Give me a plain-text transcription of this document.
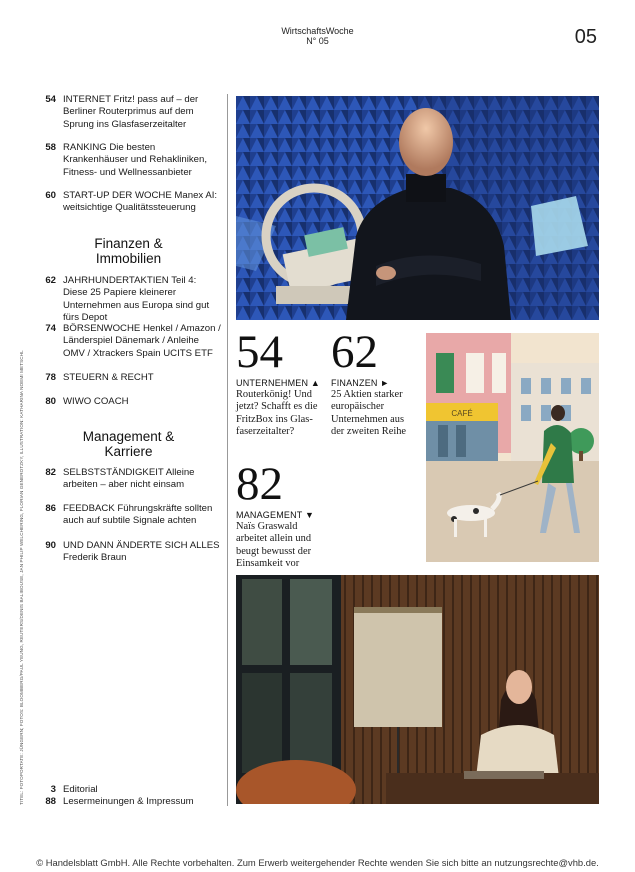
WirtschaftsWoche
N° 05	05
54 INTERNET Fritz! pass auf – der Berliner Routerprimus auf dem Sprung ins Glasfaserzeitalter
58 RANKING Die besten Krankenhäuser und Rehakliniken, Fitness- und Wellnessanbieter
60 START-UP DER WOCHE Manex AI: weitsichtige Qualitätssteuerung
Finanzen & Immobilien
62 JAHRHUNDERTAKTIEN Teil 4: Diese 25 Papiere kleinerer Unternehmen aus Europa sind gut fürs Depot
74 BÖRSENWOCHE Henkel / Amazon / Länderspiel Dänemark / Anleihe OMV / Xtrackers Spain UCITS ETF
78 STEUERN & RECHT
80 WIWO COACH
Management & Karriere
82 SELBSTSTÄNDIGKEIT Alleine arbeiten – aber nicht einsam
86 FEEDBACK Führungskräfte sollten auch auf subtile Signale achten
90 UND DANN ÄNDERTE SICH ALLES Frederik Braun
3 Editorial
88 Lesermeinungen & Impressum
TITEL: FOTOPORTATE: JÜNGERN; FOTOS: BLOOMBERG/PAUL YEUNG, REUTERS/DENIS BALIBOUSE, JAN PHILIP WELCHERING, FLORIAN GENEROTZKY, ILLUSTRATION: KATHARINA NOEMI METSCHL	54
UNTERNEHMEN ▲
Routerkönig! Und
jetzt? Schafft es die
FritzBox ins Glas-
faserzeitalter?
62
FINANZEN ►
25 Aktien starker
europäischer
Unternehmen aus
der zweiten Reihe
82
MANAGEMENT ▼
Naïs Graswald
arbeitet allein und
beugt bewusst der
Einsamkeit vor
CAFÉ
© Handelsblatt GmbH. Alle Rechte vorbehalten. Zum Erwerb weitergehender Rechte wenden Sie sich bitte an nutzungsrechte@vhb.de.
